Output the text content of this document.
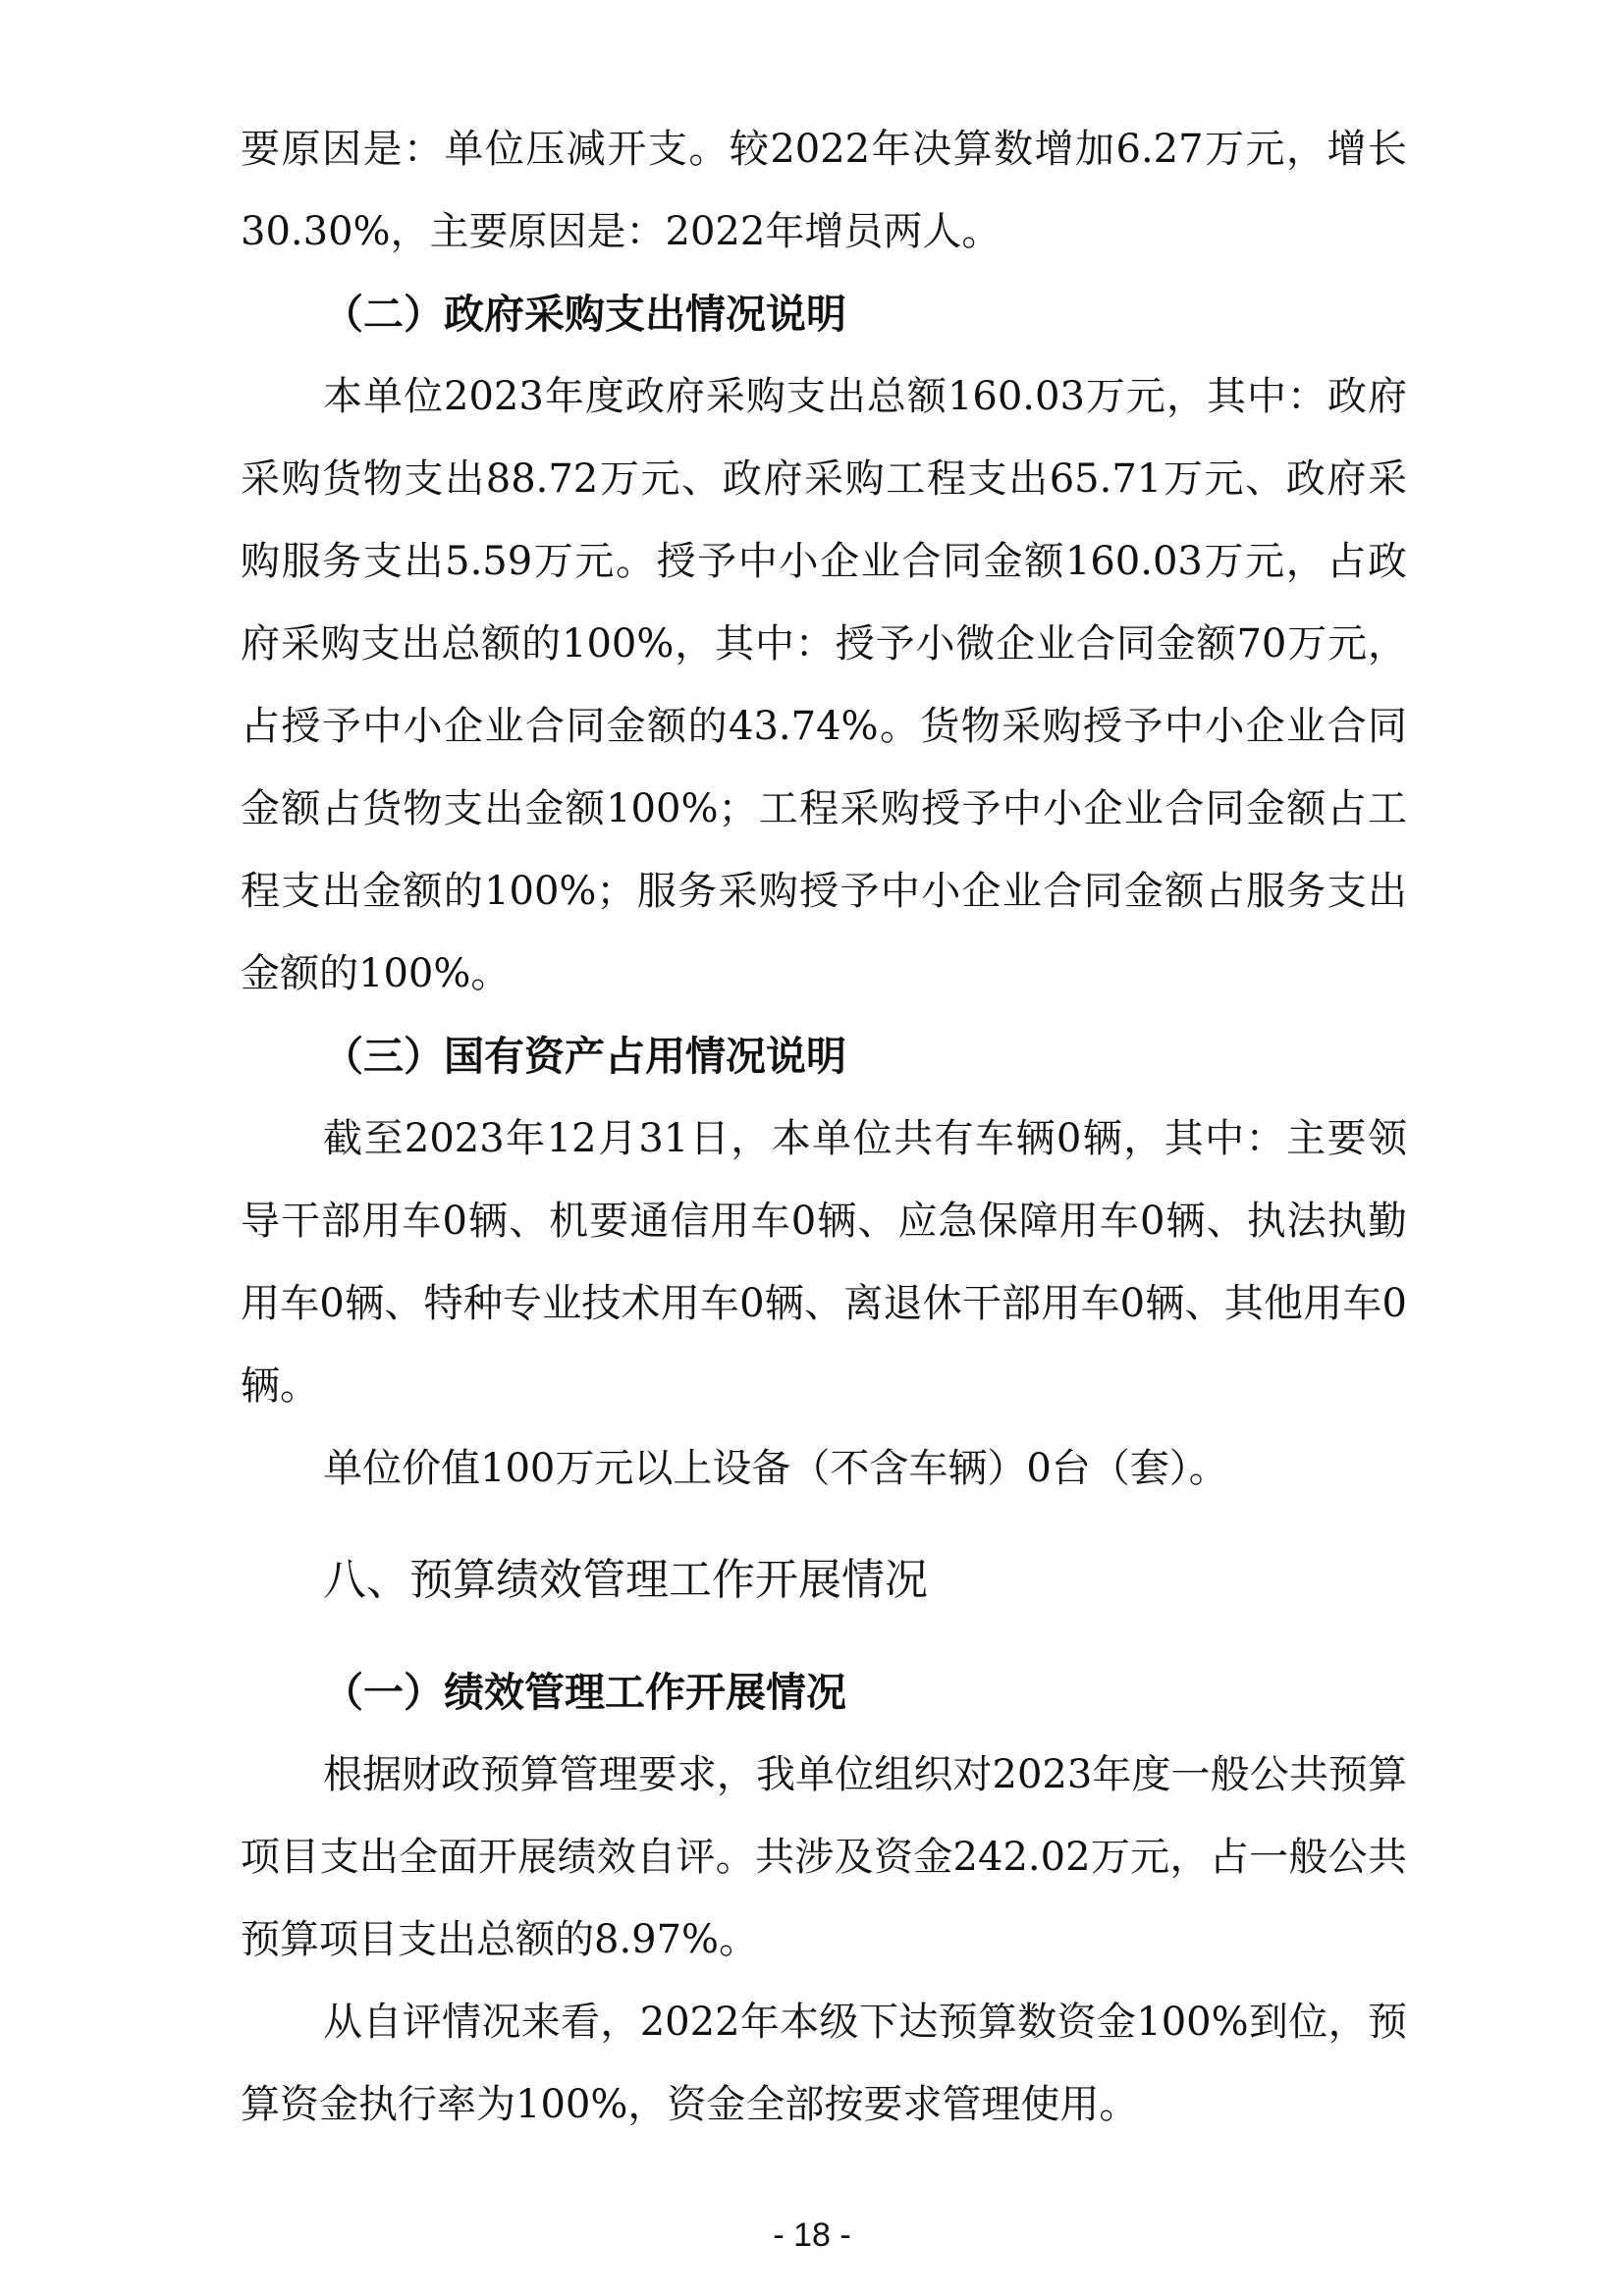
要原因是：单位压减开支。较2022年决算数增加6.27万元，增长30.30%，主要原因是：2022年增员两人。

（二）政府采购支出情况说明

本单位2023年度政府采购支出总额160.03万元，其中：政府采购货物支出88.72万元、政府采购工程支出65.71万元、政府采购服务支出5.59万元。授予中小企业合同金额160.03万元，占政府采购支出总额的100%，其中：授予小微企业合同金额70万元，占授予中小企业合同金额的43.74%。货物采购授予中小企业合同金额占货物支出金额100%；工程采购授予中小企业合同金额占工程支出金额的100%；服务采购授予中小企业合同金额占服务支出金额的100%。

（三）国有资产占用情况说明

截至2023年12月31日，本单位共有车辆0辆，其中：主要领导干部用车0辆、机要通信用车0辆、应急保障用车0辆、执法执勤用车0辆、特种专业技术用车0辆、离退休干部用车0辆、其他用车0辆。

单位价值100万元以上设备（不含车辆）0台（套）。

八、预算绩效管理工作开展情况

（一）绩效管理工作开展情况

根据财政预算管理要求，我单位组织对2023年度一般公共预算项目支出全面开展绩效自评。共涉及资金242.02万元，占一般公共预算项目支出总额的8.97%。

从自评情况来看，2022年本级下达预算数资金100%到位，预算资金执行率为100%，资金全部按要求管理使用。

- 18 -
